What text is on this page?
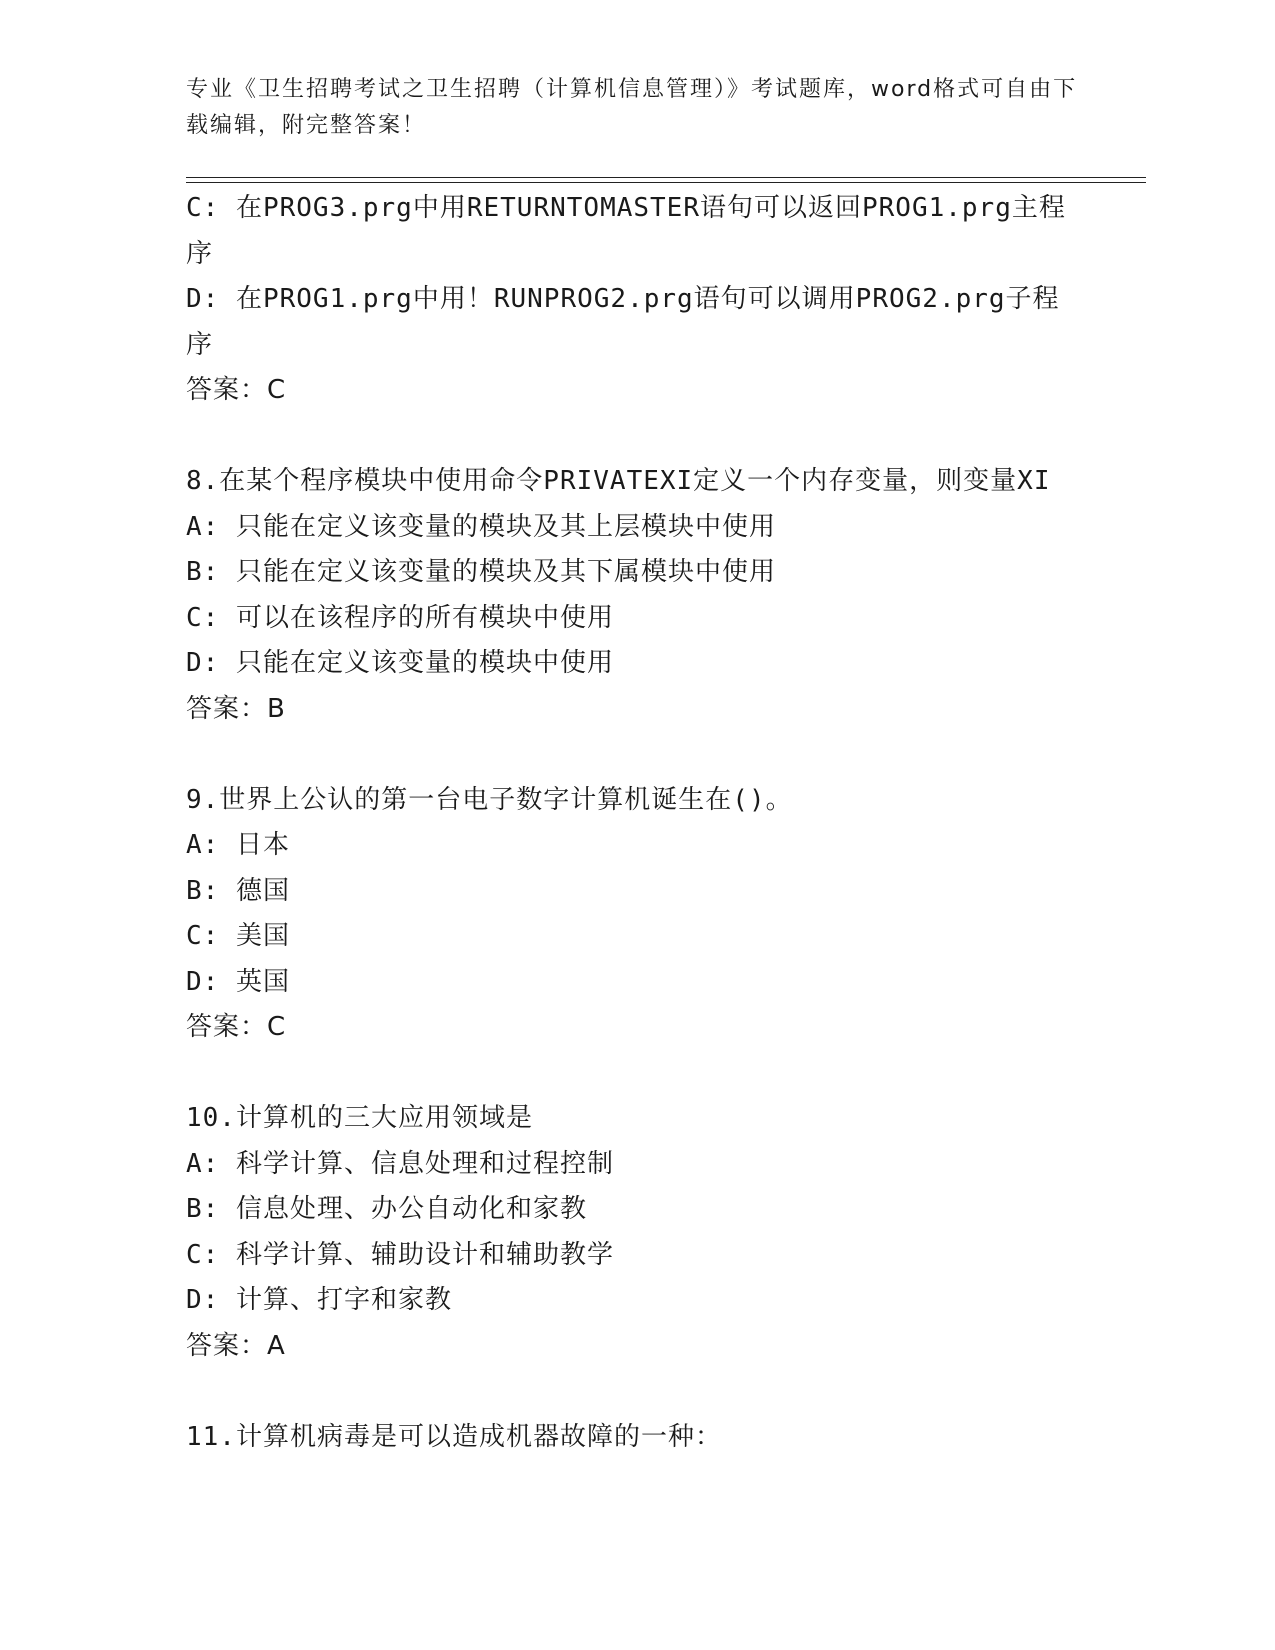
专业《卫生招聘考试之卫生招聘（计算机信息管理）》考试题库，word格式可自由下载编辑，附完整答案！
C: 在PROG3.prg中用RETURNTOMASTER语句可以返回PROG1.prg主程序
D: 在PROG1.prg中用！RUNPROG2.prg语句可以调用PROG2.prg子程序
答案：C
8.在某个程序模块中使用命令PRIVATEXI定义一个内存变量，则变量XI
A: 只能在定义该变量的模块及其上层模块中使用
B: 只能在定义该变量的模块及其下属模块中使用
C: 可以在该程序的所有模块中使用
D: 只能在定义该变量的模块中使用
答案：B
9.世界上公认的第一台电子数字计算机诞生在()。
A: 日本
B: 德国
C: 美国
D: 英国
答案：C
10.计算机的三大应用领域是
A: 科学计算、信息处理和过程控制
B: 信息处理、办公自动化和家教
C: 科学计算、辅助设计和辅助教学
D: 计算、打字和家教
答案：A
11.计算机病毒是可以造成机器故障的一种：
